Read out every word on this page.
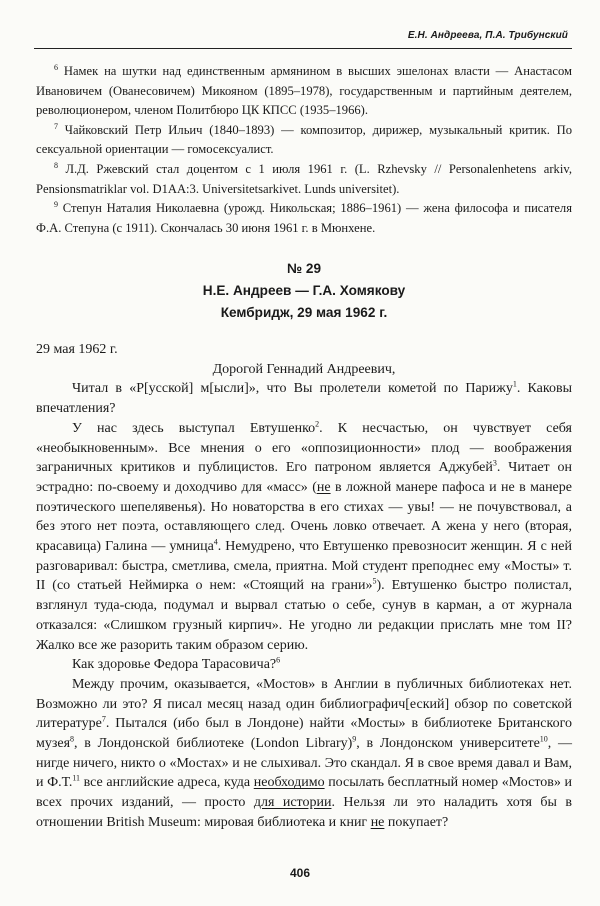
Е.Н. Андреева, П.А. Трибунский

$^6$ Намек на шутки над единственным армянином в высших эшелонах власти — Анастасом Ивановичем (Ованесовичем) Микояном (1895–1978), государственным и партийным деятелем, революционером, членом Политбюро ЦК КПСС (1935–1966).

$^7$ Чайковский Петр Ильич (1840–1893) — композитор, дирижер, музыкальный критик. По сексуальной ориентации — гомосексуалист.

$^8$ Л.Д. Ржевский стал доцентом с 1 июля 1961 г. (L. Rzhevsky // Personalenhetens arkiv, Pensionsmatriklar vol. D1AA:3. Universitetsarkivet. Lunds universitet).

$^9$ Степун Наталия Николаевна (урожд. Никольская; 1886–1961) — жена философа и писателя Ф.А. Степуна (с 1911). Скончалась 30 июня 1961 г. в Мюнхене.

№ 29
Н.Е. Андреев — Г.А. Хомякову
Кембридж, 29 мая 1962 г.

29 мая 1962 г.

Дорогой Геннадий Андреевич,

Читал в «Р[усской] м[ысли]», что Вы пролетели кометой по Парижу$^1$. Каковы впечатления?

У нас здесь выступал Евтушенко$^2$. К несчастью, он чувствует себя «необыкновенным». Все мнения о его «оппозиционности» плод — воображения заграничных критиков и публицистов. Его патроном является Аджубей$^3$. Читает он эстрадно: по-своему и доходчиво для «масс» (не в ложной манере пафоса и не в манере поэтического шепелявенья). Но новаторства в его стихах — увы! — не почувствовал, а без этого нет поэта, оставляющего след. Очень ловко отвечает. А жена у него (вторая, красавица) Галина — умница$^4$. Немудрено, что Евтушенко превозносит женщин. Я с ней разговаривал: быстра, сметлива, смела, приятна. Мой студент преподнес ему «Мосты» т. II (со статьей Неймирка о нем: «Стоящий на грани»$^5$). Евтушенко быстро полистал, взглянул туда-сюда, подумал и вырвал статью о себе, сунув в карман, а от журнала отказался: «Слишком грузный кирпич». Не угодно ли редакции прислать мне том II? Жалко все же разорить таким образом серию.

Как здоровье Федора Тарасовича?$^6$

Между прочим, оказывается, «Мостов» в Англии в публичных библиотеках нет. Возможно ли это? Я писал месяц назад один библиографич[еский] обзор по советской литературе$^7$. Пытался (ибо был в Лондоне) найти «Мосты» в библиотеке Британского музея$^8$, в Лондонской библиотеке (London Library)$^9$, в Лондонском университете$^{10}$, — нигде ничего, никто о «Мостах» и не слыхивал. Это скандал. Я в свое время давал и Вам, и Ф.Т.$^{11}$ все английские адреса, куда необходимо посылать бесплатный номер «Мостов» и всех прочих изданий, — просто для истории. Нельзя ли это наладить хотя бы в отношении British Museum: мировая библиотека и книг не покупает?

406
